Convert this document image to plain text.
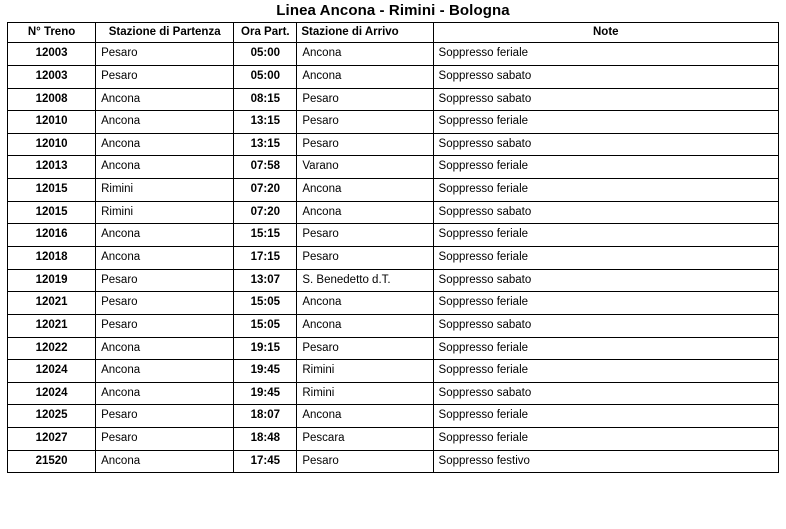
Linea Ancona - Rimini - Bologna
N° Treno	Stazione di Partenza	Ora Part.	Stazione di Arrivo	Note
12003	Pesaro	05:00	Ancona	Soppresso feriale
12003	Pesaro	05:00	Ancona	Soppresso sabato
12008	Ancona	08:15	Pesaro	Soppresso sabato
12010	Ancona	13:15	Pesaro	Soppresso feriale
12010	Ancona	13:15	Pesaro	Soppresso sabato
12013	Ancona	07:58	Varano	Soppresso feriale
12015	Rimini	07:20	Ancona	Soppresso feriale
12015	Rimini	07:20	Ancona	Soppresso sabato
12016	Ancona	15:15	Pesaro	Soppresso feriale
12018	Ancona	17:15	Pesaro	Soppresso feriale
12019	Pesaro	13:07	S. Benedetto d.T.	Soppresso sabato
12021	Pesaro	15:05	Ancona	Soppresso feriale
12021	Pesaro	15:05	Ancona	Soppresso sabato
12022	Ancona	19:15	Pesaro	Soppresso feriale
12024	Ancona	19:45	Rimini	Soppresso feriale
12024	Ancona	19:45	Rimini	Soppresso sabato
12025	Pesaro	18:07	Ancona	Soppresso feriale
12027	Pesaro	18:48	Pescara	Soppresso feriale
21520	Ancona	17:45	Pesaro	Soppresso festivo
